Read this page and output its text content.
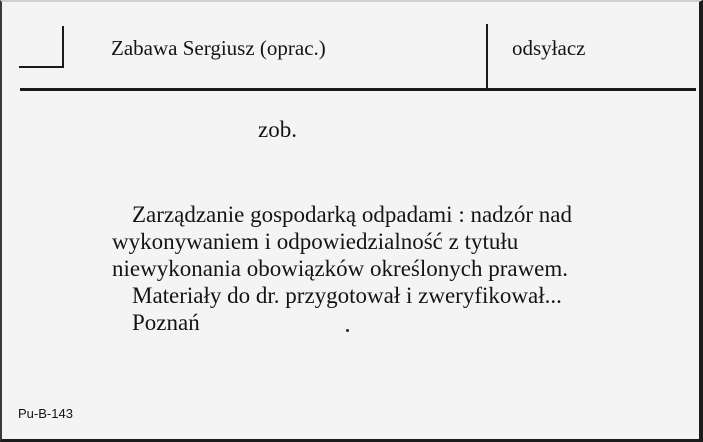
Zabawa Sergiusz (oprac.)	odsyłacz
zob.
Zarządzanie gospodarką odpadami : nadzór nad
wykonywaniem i odpowiedzialność z tytułu
niewykonania obowiązków określonych prawem.
Materiały do dr. przygotował i zweryfikował...
Poznań
Pu-B-143
